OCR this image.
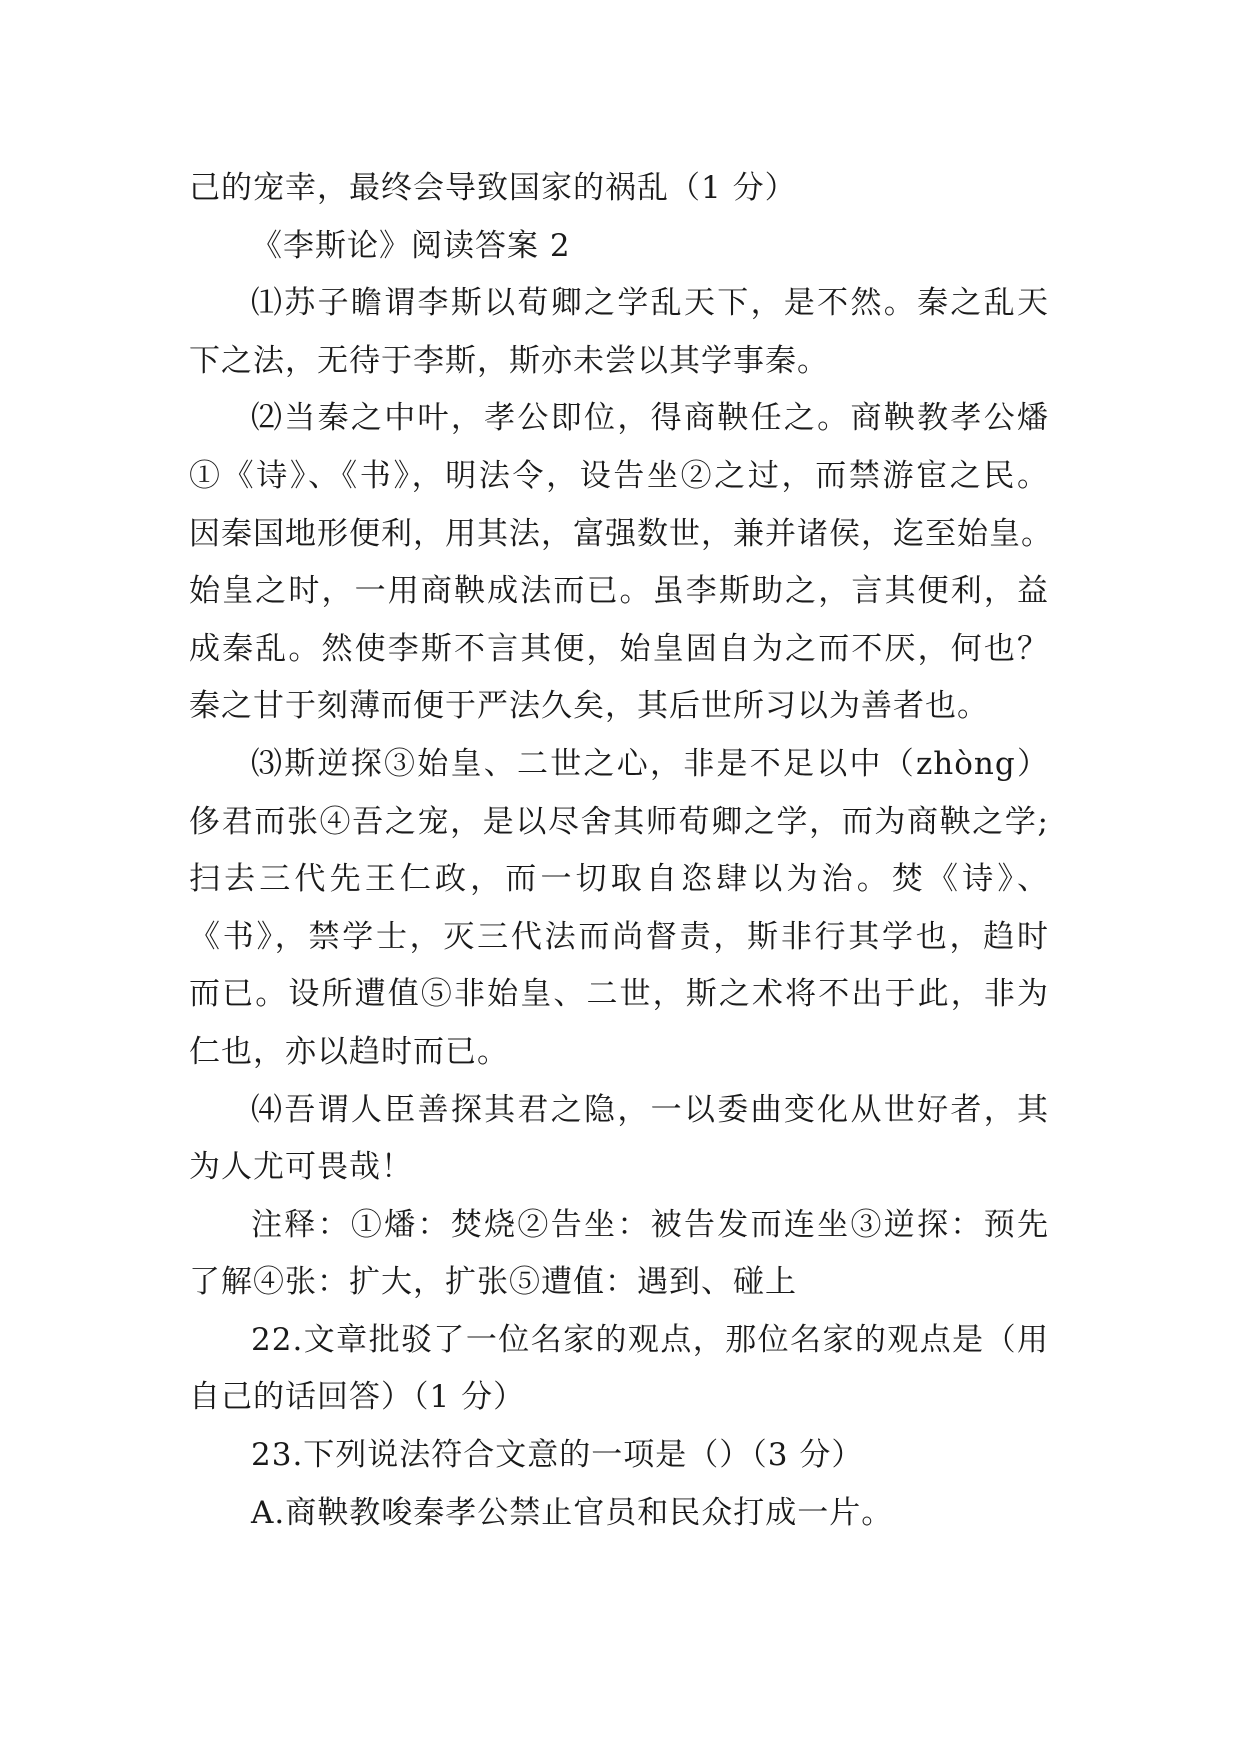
己的宠幸，最终会导致国家的祸乱（1 分）
《李斯论》阅读答案 2
⑴苏子瞻谓李斯以荀卿之学乱天下，是不然。秦之乱天
下之法，无待于李斯，斯亦未尝以其学事秦。
⑵当秦之中叶，孝公即位，得商鞅任之。商鞅教孝公燔
①《诗》、《书》，明法令，设告坐②之过，而禁游宦之民。
因秦国地形便利，用其法，富强数世，兼并诸侯，迄至始皇。
始皇之时，一用商鞅成法而已。虽李斯助之，言其便利，益
成秦乱。然使李斯不言其便，始皇固自为之而不厌，何也？
秦之甘于刻薄而便于严法久矣，其后世所习以为善者也。
⑶斯逆探③始皇、二世之心，非是不足以中（zhòng）
侈君而张④吾之宠，是以尽舍其师荀卿之学，而为商鞅之学;
扫去三代先王仁政，而一切取自恣肆以为治。焚《诗》、
《书》，禁学士，灭三代法而尚督责，斯非行其学也，趋时
而已。设所遭值⑤非始皇、二世，斯之术将不出于此，非为
仁也，亦以趋时而已。
⑷吾谓人臣善探其君之隐，一以委曲变化从世好者，其
为人尤可畏哉！
注释：①燔：焚烧②告坐：被告发而连坐③逆探：预先
了解④张：扩大，扩张⑤遭值：遇到、碰上
22.文章批驳了一位名家的观点，那位名家的观点是（用
自己的话回答）（1 分）
23.下列说法符合文意的一项是（）（3 分）
A.商鞅教唆秦孝公禁止官员和民众打成一片。
